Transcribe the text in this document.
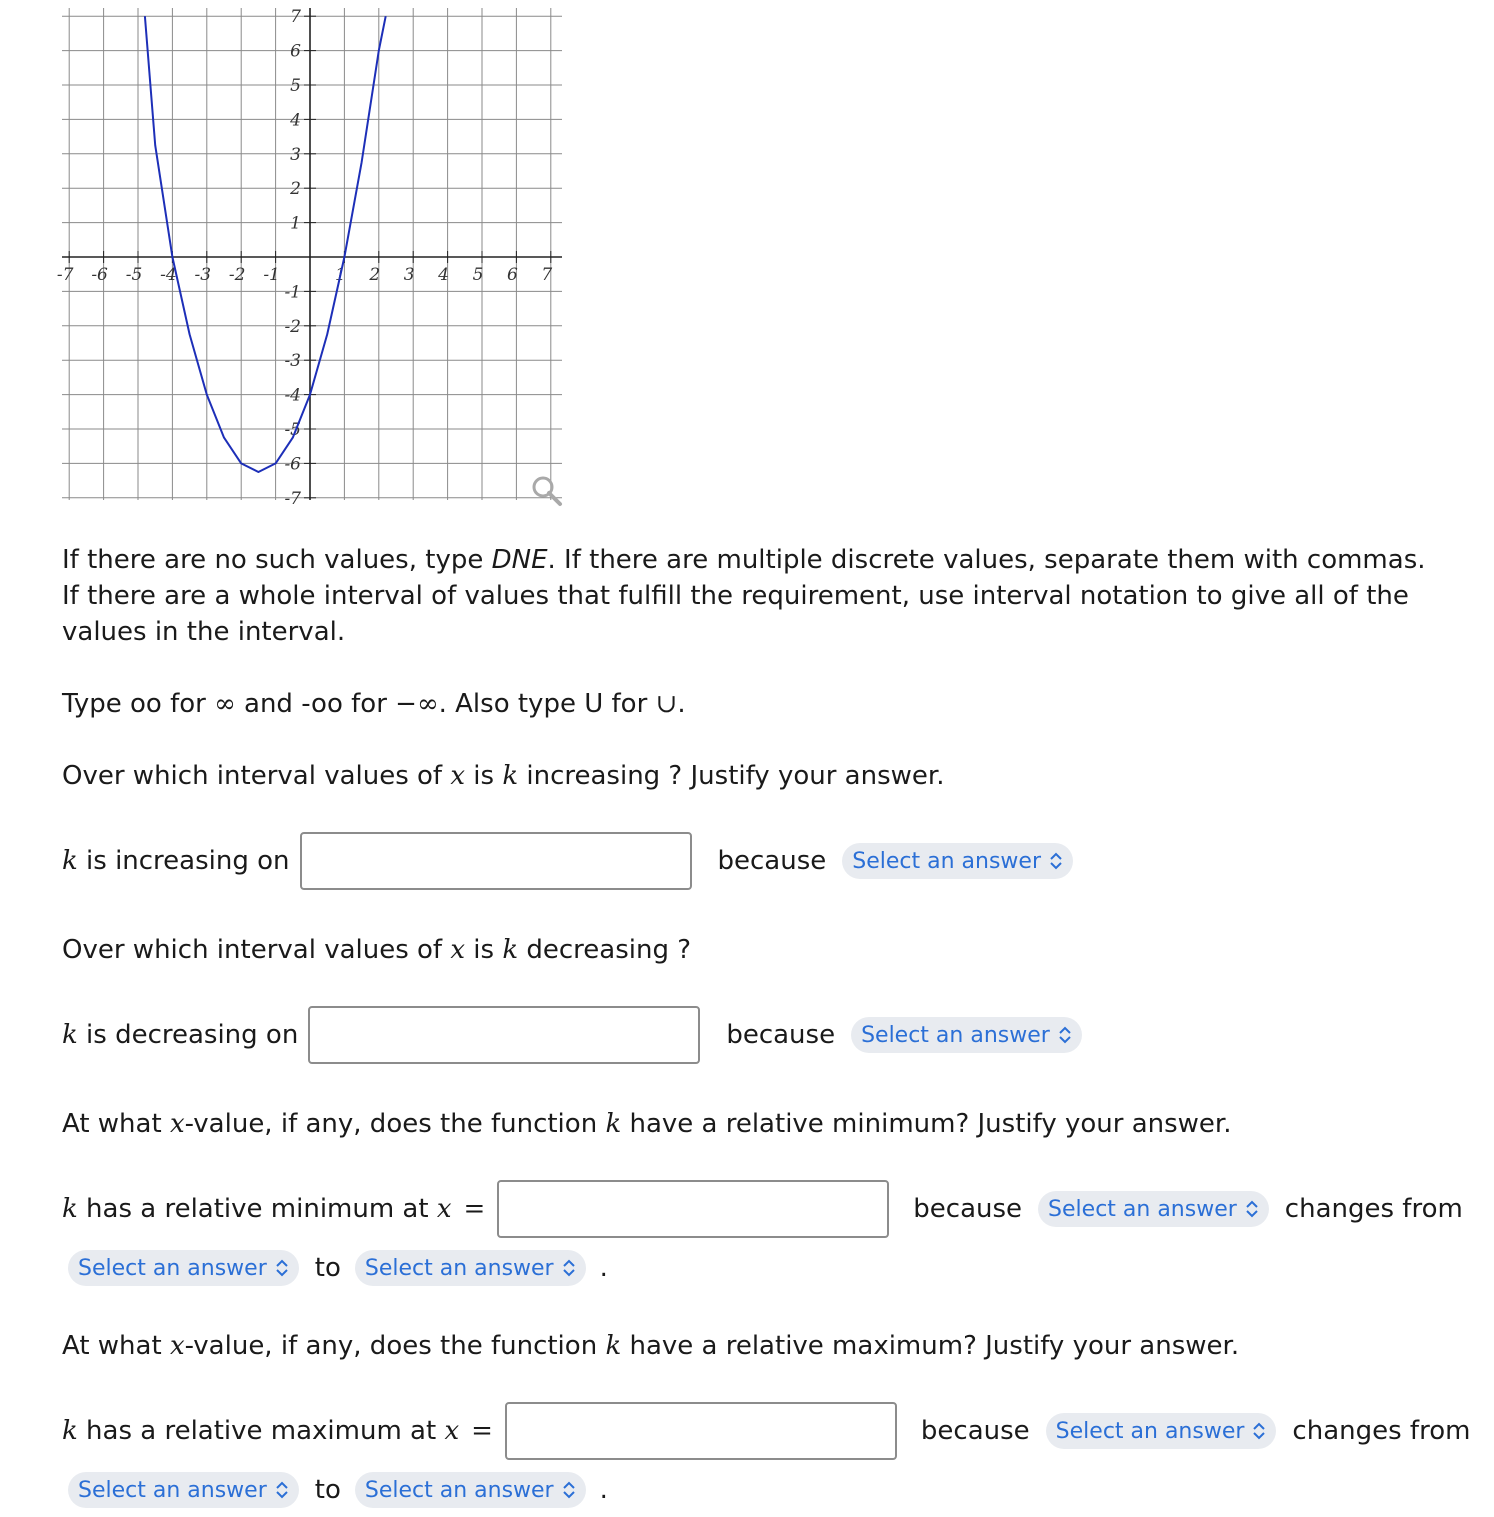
-7 -6 -5 -4 -3 -2 -1	1 2 3 4 5 6 7
7
6
5
4
3
2
1
-1
-2
-3
-4
-5
-6
-7

If there are no such values, type DNE. If there are multiple discrete values, separate them with commas. If there are a whole interval of values that fulfill the requirement, use interval notation to give all of the values in the interval.

Type oo for ∞ and -oo for −∞. Also type U for ∪.

Over which interval values of x is k increasing ? Justify your answer.

k is increasing on	because Select an answer

Over which interval values of x is k decreasing ?

k is decreasing on	because Select an answer

At what x-value, if any, does the function k have a relative minimum? Justify your answer.

k has a relative minimum at x =	because Select an answer changes from
Select an answer to Select an answer .

At what x-value, if any, does the function k have a relative maximum? Justify your answer.

k has a relative maximum at x =	because Select an answer changes from
Select an answer to Select an answer .
